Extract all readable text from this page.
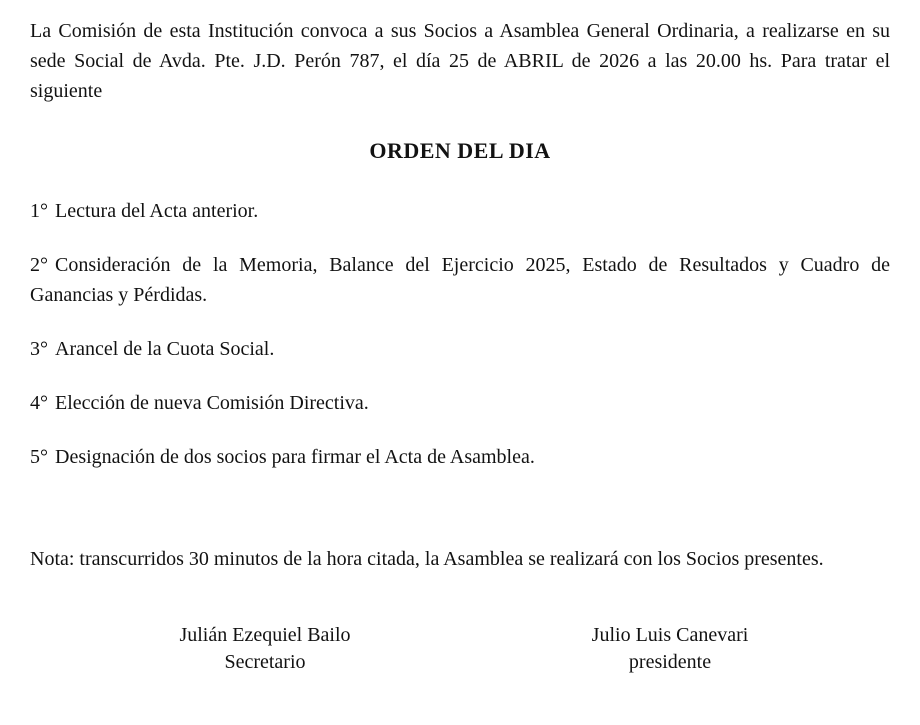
La Comisión de esta Institución convoca a sus Socios a Asamblea General Ordinaria, a realizarse en su sede Social de Avda. Pte. J.D. Perón 787, el día 25 de ABRIL de 2026 a las 20.00 hs. Para tratar el siguiente

ORDEN DEL DIA

1° Lectura del Acta anterior.

2° Consideración de la Memoria, Balance del Ejercicio 2025, Estado de Resultados y Cuadro de Ganancias y Pérdidas.

3° Arancel de la Cuota Social.

4° Elección de nueva Comisión Directiva.

5° Designación de dos socios para firmar el Acta de Asamblea.

Nota: transcurridos 30 minutos de la hora citada, la Asamblea se realizará con los Socios presentes.

Julián Ezequiel Bailo
Secretario
Julio Luis Canevari
presidente
